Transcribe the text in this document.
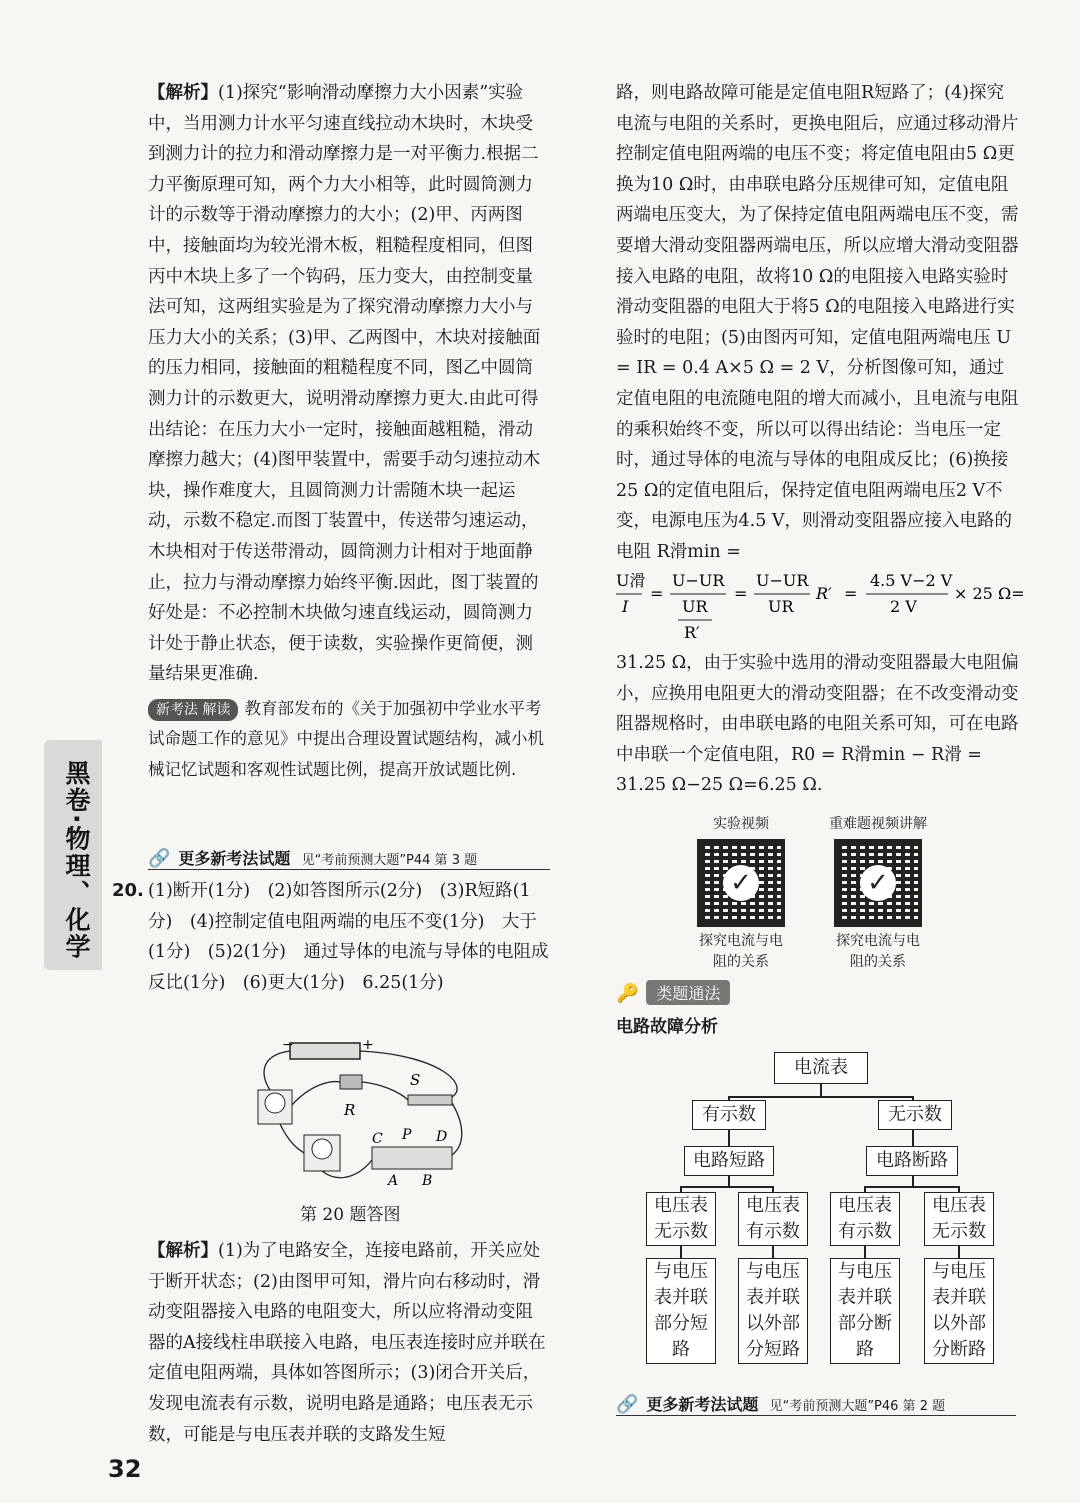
黑卷·物理、化学

【解析】(1)探究“影响滑动摩擦力大小因素”实验中，当用测力计水平匀速直线拉动木块时，木块受到测力计的拉力和滑动摩擦力是一对平衡力.根据二力平衡原理可知，两个力大小相等，此时圆筒测力计的示数等于滑动摩擦力的大小；(2)甲、丙两图中，接触面均为较光滑木板，粗糙程度相同，但图丙中木块上多了一个钩码，压力变大，由控制变量法可知，这两组实验是为了探究滑动摩擦力大小与压力大小的关系；(3)甲、乙两图中，木块对接触面的压力相同，接触面的粗糙程度不同，图乙中圆筒测力计的示数更大，说明滑动摩擦力更大.由此可得出结论：在压力大小一定时，接触面越粗糙，滑动摩擦力越大；(4)图甲装置中，需要手动匀速拉动木块，操作难度大，且圆筒测力计需随木块一起运动，示数不稳定.而图丁装置中，传送带匀速运动，木块相对于传送带滑动，圆筒测力计相对于地面静止，拉力与滑动摩擦力始终平衡.因此，图丁装置的好处是：不必控制木块做匀速直线运动，圆筒测力计处于静止状态，便于读数，实验操作更简便，测量结果更准确.

新考法 解读 教育部发布的《关于加强初中学业水平考试命题工作的意见》中提出合理设置试题结构，减小机械记忆试题和客观性试题比例，提高开放试题比例.

🔗 更多新考法试题 见“考前预测大题”P44 第 3 题
20. (1)断开(1分)　(2)如答图所示(2分)　(3)R短路(1分)　(4)控制定值电阻两端的电压不变(1分)　大于(1分)　(5)2(1分)　通过导体的电流与导体的电阻成反比(1分)　(6)更大(1分)　6.25(1分)

−	+
R
S
C P D
A B
第 20 题答图

【解析】(1)为了电路安全，连接电路前，开关应处于断开状态；(2)由图甲可知，滑片向右移动时，滑动变阻器接入电路的电阻变大，所以应将滑动变阻器的A接线柱串联接入电路，电压表连接时应并联在定值电阻两端，具体如答图所示；(3)闭合开关后，发现电流表有示数，说明电路是通路；电压表无示数，可能是与电压表并联的支路发生短

32

路，则电路故障可能是定值电阻R短路了；(4)探究电流与电阻的关系时，更换电阻后，应通过移动滑片控制定值电阻两端的电压不变；将定值电阻由5 Ω更换为10 Ω时，由串联电路分压规律可知，定值电阻两端电压变大，为了保持定值电阻两端电压不变，需要增大滑动变阻器两端电压，所以应增大滑动变阻器接入电路的电阻，故将10 Ω的电阻接入电路实验时滑动变阻器的电阻大于将5 Ω的电阻接入电路进行实验时的电阻；(5)由图丙可知，定值电阻两端电压 U = IR = 0.4 A×5 Ω = 2 V，分析图像可知，通过定值电阻的电流随电阻的增大而减小，且电流与电阻的乘积始终不变，所以可以得出结论：当电压一定时，通过导体的电流与导体的电阻成反比；(6)换接25 Ω的定值电阻后，保持定值电阻两端电压2 V不变，电源电压为4.5 V，则滑动变阻器应接入电路的电阻 R滑min =

U滑
I
=
U−UR
UR
R′
=
U−UR
UR
R′ =
4.5 V−2 V
2 V
× 25 Ω=

31.25 Ω，由于实验中选用的滑动变阻器最大电阻偏小，应换用电阻更大的滑动变阻器；在不改变滑动变阻器规格时，由串联电路的电阻关系可知，可在电路中串联一个定值电阻，R0 = R滑min − R滑 = 31.25 Ω−25 Ω=6.25 Ω.

实验视频
✓
探究电流与电阻的关系
重难题视频讲解
✓
探究电流与电阻的关系
🔑 类题通法
电路故障分析
电流表
有示数	无示数
电路短路	电路断路
电压表无示数
电压表有示数
电压表有示数
电压表无示数
与电压表并联部分短路
与电压表并联以外部分短路
与电压表并联部分断路
与电压表并联以外部分断路
🔗 更多新考法试题 见“考前预测大题”P46 第 2 题
